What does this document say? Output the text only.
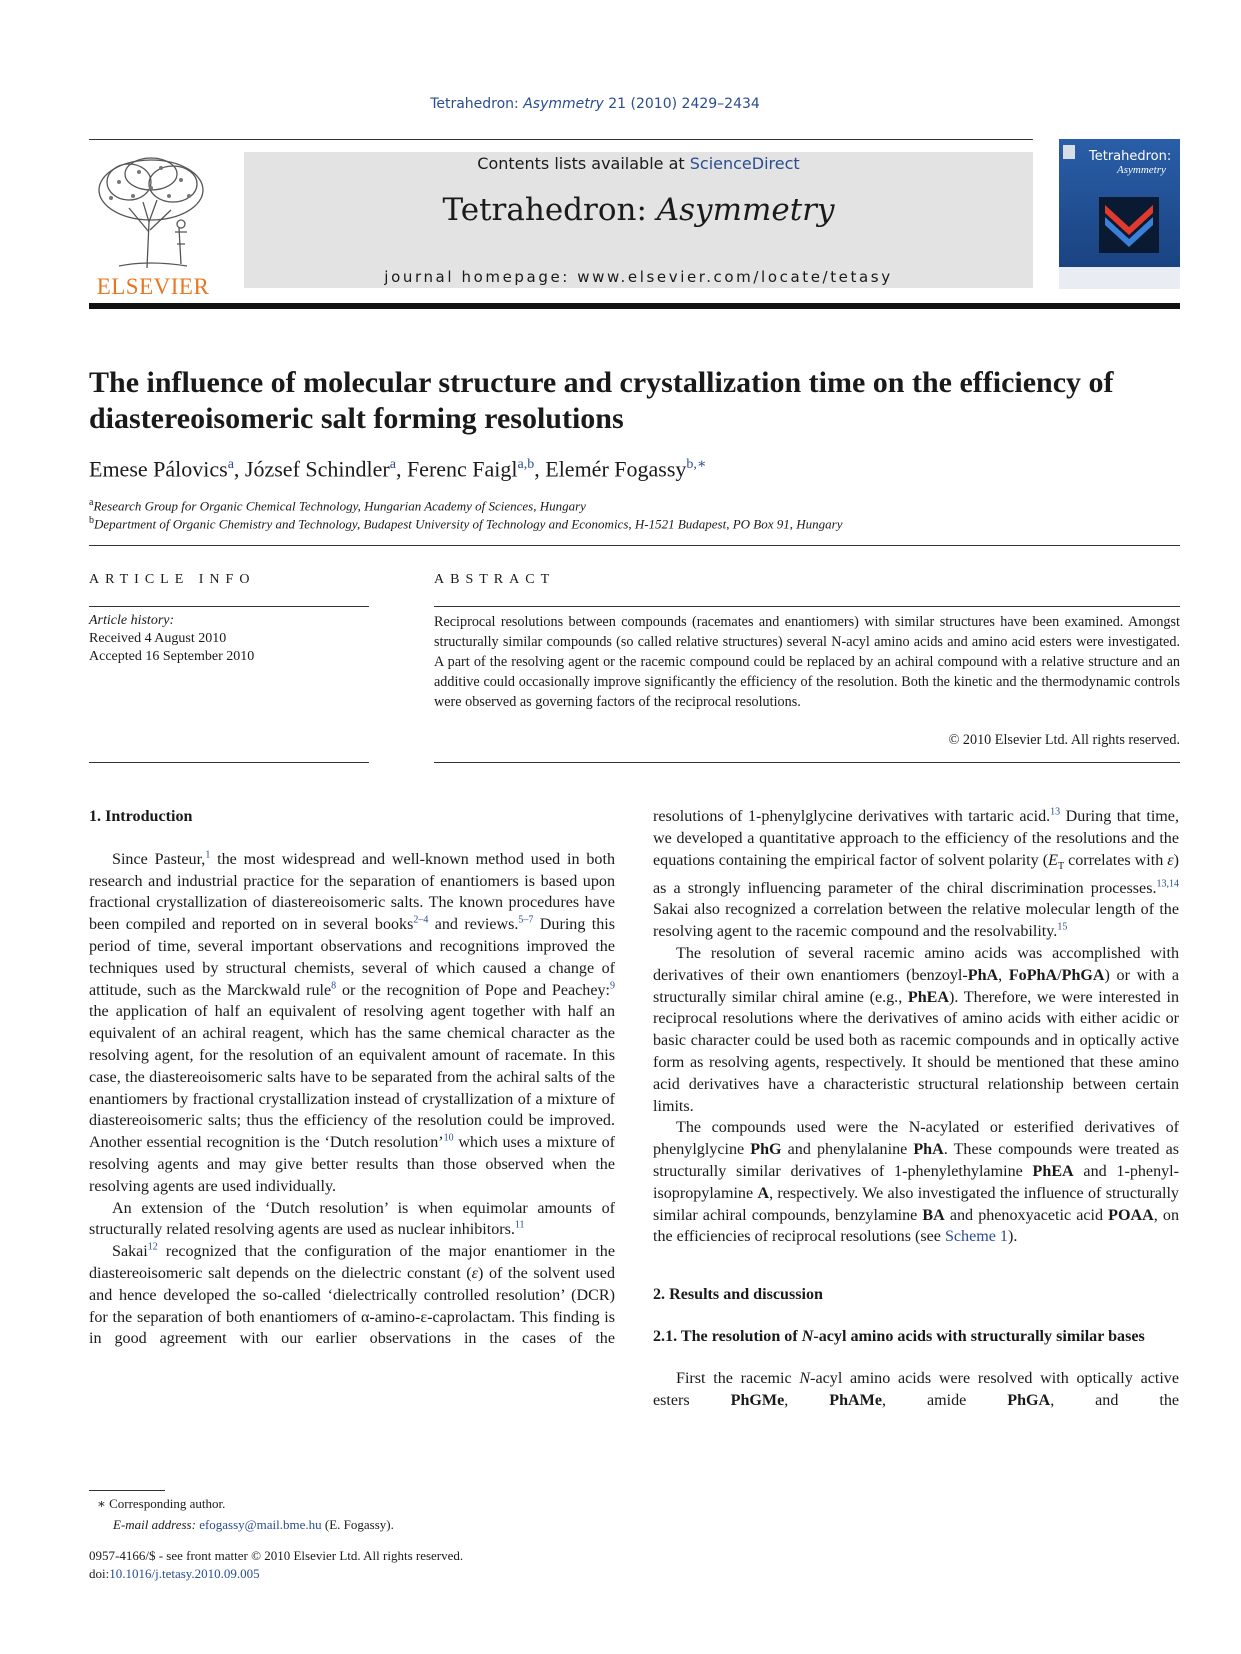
Tetrahedron: Asymmetry 21 (2010) 2429–2434
ELSEVIER
Contents lists available at ScienceDirect
Tetrahedron: Asymmetry
journal homepage: www.elsevier.com/locate/tetasy
Tetrahedron:
Asymmetry
The influence of molecular structure and crystallization time on the efficiency of diastereoisomeric salt forming resolutions
Emese Pálovics$^a$, József Schindler$^a$, Ferenc Faigl$^{a,b}$, Elemér Fogassy$^{b,∗}$
$^a$Research Group for Organic Chemical Technology, Hungarian Academy of Sciences, Hungary
$^b$Department of Organic Chemistry and Technology, Budapest University of Technology and Economics, H-1521 Budapest, PO Box 91, Hungary
ARTICLE INFO
Article history:
Received 4 August 2010
Accepted 16 September 2010
ABSTRACT
Reciprocal resolutions between compounds (racemates and enantiomers) with similar structures have been examined. Amongst structurally similar compounds (so called relative structures) several N-acyl amino acids and amino acid esters were investigated. A part of the resolving agent or the racemic compound could be replaced by an achiral compound with a relative structure and an additive could occasionally improve significantly the efficiency of the resolution. Both the kinetic and the thermodynamic controls were observed as governing factors of the reciprocal resolutions.
© 2010 Elsevier Ltd. All rights reserved.

1. Introduction

Since Pasteur,$^1$ the most widespread and well-known method used in both research and industrial practice for the separation of enantiomers is based upon fractional crystallization of diastereoisomeric salts. The known procedures have been compiled and reported on in several books$^{2-4}$ and reviews.$^{5-7}$ During this period of time, several important observations and recognitions improved the techniques used by structural chemists, several of which caused a change of attitude, such as the Marckwald rule$^8$ or the recognition of Pope and Peachey:$^9$ the application of half an equivalent of resolving agent together with half an equivalent of an achiral reagent, which has the same chemical character as the resolving agent, for the resolution of an equivalent amount of racemate. In this case, the diastereoisomeric salts have to be separated from the achiral salts of the enantiomers by fractional crystallization instead of crystallization of a mixture of diastereoisomeric salts; thus the efficiency of the resolution could be improved. Another essential recognition is the ‘Dutch resolution’$^{10}$ which uses a mixture of resolving agents and may give better results than those observed when the resolving agents are used individually.

An extension of the ‘Dutch resolution’ is when equimolar amounts of structurally related resolving agents are used as nuclear inhibitors.$^{11}$

Sakai$^{12}$ recognized that the configuration of the major enantiomer in the diastereoisomeric salt depends on the dielectric constant (ε) of the solvent used and hence developed the so-called ‘dielectrically controlled resolution’ (DCR) for the separation of both enantiomers of α-amino-ε-caprolactam. This finding is in good agreement with our earlier observations in the cases of the

resolutions of 1-phenylglycine derivatives with tartaric acid.$^{13}$ During that time, we developed a quantitative approach to the efficiency of the resolutions and the equations containing the empirical factor of solvent polarity ($E_T$ correlates with ε) as a strongly influencing parameter of the chiral discrimination processes.$^{13,14}$ Sakai also recognized a correlation between the relative molecular length of the resolving agent to the racemic compound and the resolvability.$^{15}$

The resolution of several racemic amino acids was accomplished with derivatives of their own enantiomers (benzoyl-PhA, FoPhA/PhGA) or with a structurally similar chiral amine (e.g., PhEA). Therefore, we were interested in reciprocal resolutions where the derivatives of amino acids with either acidic or basic character could be used both as racemic compounds and in optically active form as resolving agents, respectively. It should be mentioned that these amino acid derivatives have a characteristic structural relationship between certain limits.

The compounds used were the N-acylated or esterified derivatives of phenylglycine PhG and phenylalanine PhA. These compounds were treated as structurally similar derivatives of 1-phenylethylamine PhEA and 1-phenyl-isopropylamine A, respectively. We also investigated the influence of structurally similar achiral compounds, benzylamine BA and phenoxyacetic acid POAA, on the efficiencies of reciprocal resolutions (see Scheme 1).

2. Results and discussion

2.1. The resolution of N-acyl amino acids with structurally similar bases

First the racemic N-acyl amino acids were resolved with optically active esters PhGMe, PhAMe, amide PhGA, and the

∗ Corresponding author.
E-mail address: efogassy@mail.bme.hu (E. Fogassy).
0957-4166/$ - see front matter © 2010 Elsevier Ltd. All rights reserved.
doi:10.1016/j.tetasy.2010.09.005
